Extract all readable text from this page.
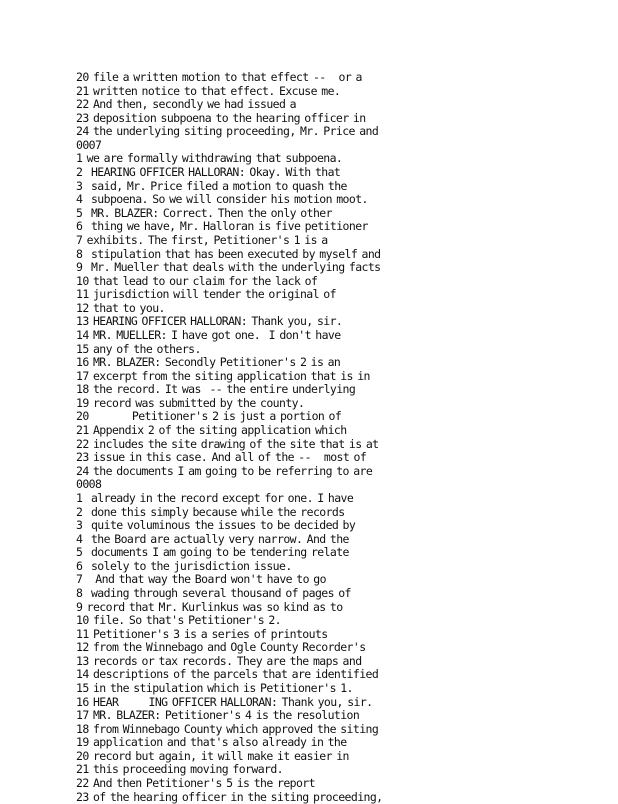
20 file a written motion to that effect --   or a
21 written notice to that effect. Excuse me.
22 And then, secondly we had issued a
23 deposition subpoena to the hearing officer in
24 the underlying siting proceeding, Mr. Price and
0007
1 we are formally withdrawing that subpoena.
2  HEARING OFFICER HALLORAN: Okay. With that
3  said, Mr. Price filed a motion to quash the
4  subpoena. So we will consider his motion moot.
5  MR. BLAZER: Correct. Then the only other
6  thing we have, Mr. Halloran is five petitioner
7 exhibits. The first, Petitioner's 1 is a
8  stipulation that has been executed by myself and
9  Mr. Mueller that deals with the underlying facts
10 that lead to our claim for the lack of
11 jurisdiction will tender the original of
12 that to you.
13 HEARING OFFICER HALLORAN: Thank you, sir.
14 MR. MUELLER: I have got one.  I don't have
15 any of the others.
16 MR. BLAZER: Secondly Petitioner's 2 is an
17 excerpt from the siting application that is in
18 the record. It was  -- the entire underlying
19 record was submitted by the county.
20          Petitioner's 2 is just a portion of
21 Appendix 2 of the siting application which
22 includes the site drawing of the site that is at
23 issue in this case. And all of the --   most of
24 the documents I am going to be referring to are
0008
1  already in the record except for one. I have
2  done this simply because while the records
3  quite voluminous the issues to be decided by
4  the Board are actually very narrow. And the
5  documents I am going to be tendering relate
6  solely to the jurisdiction issue.
7   And that way the Board won't have to go
8  wading through several thousand of pages of
9 record that Mr. Kurlinkus was so kind as to
10 file. So that's Petitioner's 2.
11 Petitioner's 3 is a series of printouts
12 from the Winnebago and Ogle County Recorder's
13 records or tax records. They are the maps and
14 descriptions of the parcels that are identified
15 in the stipulation which is Petitioner's 1.
16 HEAR       ING OFFICER HALLORAN: Thank you, sir.
17 MR. BLAZER: Petitioner's 4 is the resolution
18 from Winnebago County which approved the siting
19 application and that's also already in the
20 record but again, it will make it easier in
21 this proceeding moving forward.
22 And then Petitioner's 5 is the report
23 of the hearing officer in the siting proceeding,
